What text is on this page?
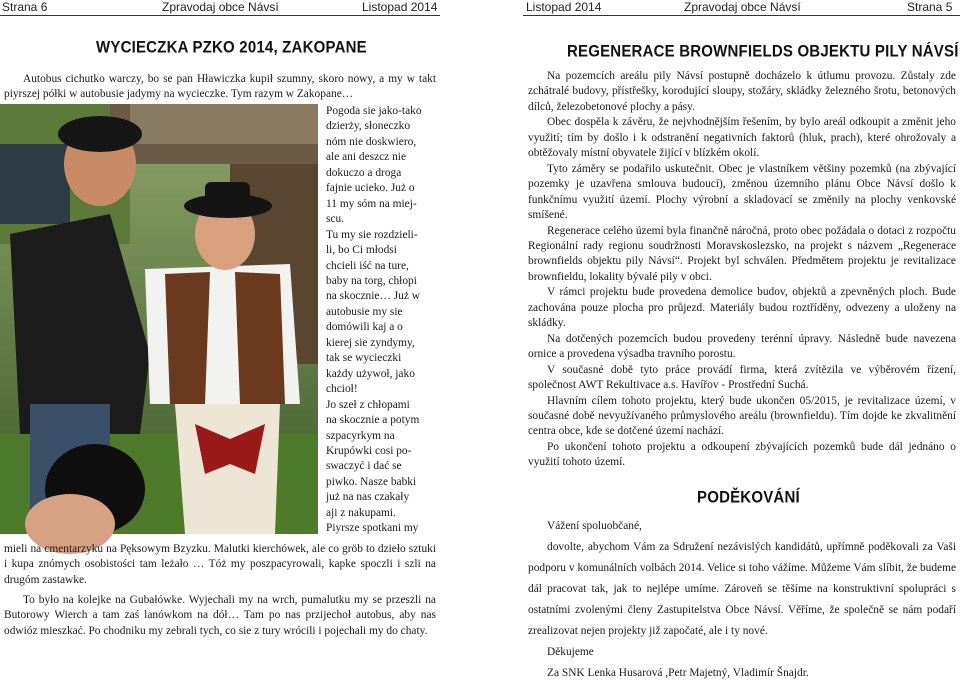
Strana 6	Zpravodaj obce Návsí	Listopad 2014
WYCIECZKA PZKO 2014, ZAKOPANE

Autobus cichutko warczy, bo se pan Hławiczka kupił szumny, skoro nowy, a my w takt piyrszej półki w autobusie jadymy na wycieczke. Tym razym w Zakopane…

Pogoda sie jako-tako
dzierży, słoneczko
nóm nie doskwiero,
ale ani deszcz nie
dokuczo a droga
fajnie ucieko. Już o
11 my sóm na miej-
scu.
Tu my sie rozdzieli-
li, bo Ci młodsi
chcieli iść na ture,
baby na torg, chłopi
na skocznie… Już w
autobusie my sie
domówili kaj a o
kierej sie zyndymy,
tak se wycieczki
każdy używoł, jako
chcioł!
Jo szeł z chłopami
na skocznie a potym
szpacyrkym na
Krupówki cosi po-
swaczyć i dać se
piwko. Nasze babki
już na nas czakały
aji z nakupami.
Piyrsze spotkani my

mieli na cmentarzyku na Pęksowym Bzyzku. Malutki kierchówek, ale co gröb to dzieło sztuki i kupa znómych osobistości tam leżało … Tóż my poszpacyrowali, kapke spoczli i szli na drugóm zastawke.

To było na kolejke na Gubałówke. Wyjechali my na wrch, pumalutku my se przeszli na Butorowy Wierch a tam zaś lanówkom na dół… Tam po nas przijechoł autobus, aby nas odwióz mieszkać. Po chodniku my zebrali tych, co sie z tury wrócili i pojechali my do chaty.

Listopad 2014	Zpravodaj obce Návsí	Strana 5
REGENERACE BROWNFIELDS OBJEKTU PILY NÁVSÍ

Na pozemcích areálu pily Návsí postupně docházelo k útlumu provozu. Zůstaly zde zchátralé budovy, přístřešky, korodující sloupy, stožáry, skládky železného šrotu, betonových dílců, železobetonové plochy a pásy.

Obec dospěla k závěru, že nejvhodnějším řešením, by bylo areál odkoupit a změnit jeho využití; tím by došlo i k odstranění negativních faktorů (hluk, prach), které ohrožovaly a obtěžovaly místní obyvatele žijící v blízkém okolí.

Tyto záměry se podařilo uskutečnit. Obec je vlastníkem většiny pozemků (na zbývající pozemky je uzavřena smlouva budoucí), změnou územního plánu Obce Návsí došlo k funkčnímu využití území. Plochy výrobní a skladovací se změnily na plochy venkovské smíšené.

Regenerace celého území byla finančně náročná, proto obec požádala o dotaci z rozpočtu Regionální rady regionu soudržnosti Moravskoslezsko, na projekt s názvem „Regenerace brownfields objektu pily Návsí“. Projekt byl schválen. Předmětem projektu je revitalizace brownfieldu, lokality bývalé pily v obci.

V rámci projektu bude provedena demolice budov, objektů a zpevněných ploch. Bude zachována pouze plocha pro průjezd. Materiály budou roztříděny, odvezeny a uloženy na skládky.

Na dotčených pozemcích budou provedeny terénní úpravy. Následně bude navezena ornice a provedena výsadba travního porostu.

V současné době tyto práce provádí firma, která zvítězila ve výběrovém řízení, společnost AWT Rekultivace a.s. Havířov - Prostřední Suchá.

Hlavním cílem tohoto projektu, který bude ukončen 05/2015, je revitalizace území, v současné době nevyužívaného průmyslového areálu (brownfieldu). Tím dojde ke zkvalitnění centra obce, kde se dotčené území nachází.

Po ukončení tohoto projektu a odkoupení zbývajících pozemků bude dál jednáno o využití tohoto území.

PODĚKOVÁNÍ

Vážení spoluobčané,

dovolte, abychom Vám za Sdružení nezávislých kandidátů, upřímně poděkovali za Vaši podporu v komunálních volbách 2014. Velice si toho vážíme. Můžeme Vám slíbit, že budeme dál pracovat tak, jak to nejlépe umíme. Zároveň se těšíme na konstruktivní spolupráci s ostatními zvolenými členy Zastupitelstva Obce Návsí. Věříme, že společně se nám podaří zrealizovat nejen projekty již započaté, ale i ty nové.

Děkujeme

Za SNK Lenka Husarová ,Petr Majetný, Vladimír Šnajdr.
